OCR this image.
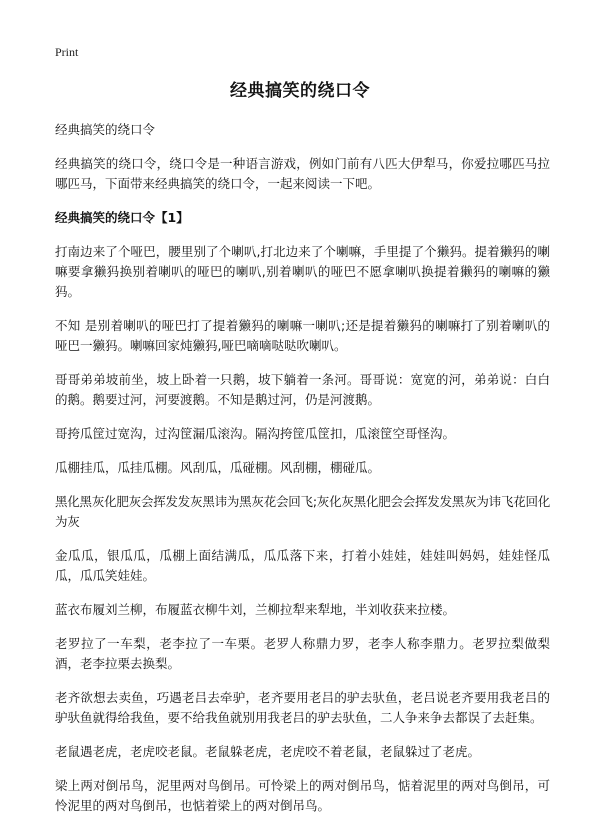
Print
经典搞笑的绕口令

经典搞笑的绕口令

经典搞笑的绕口令，绕口令是一种语言游戏，例如门前有八匹大伊犁马，你爱拉哪匹马拉哪匹马，下面带来经典搞笑的绕口令，一起来阅读一下吧。

经典搞笑的绕口令【1】

打南边来了个哑巴，腰里别了个喇叭,打北边来了个喇嘛，手里提了个獭犸。提着獭犸的喇嘛要拿獭犸换别着喇叭的哑巴的喇叭,别着喇叭的哑巴不愿拿喇叭换提着獭犸的喇嘛的獭犸。

不知 是别着喇叭的哑巴打了提着獭犸的喇嘛一喇叭;还是提着獭犸的喇嘛打了别着喇叭的哑巴一獭犸。喇嘛回家炖獭犸,哑巴嘀嘀哒哒吹喇叭。

哥哥弟弟坡前坐，坡上卧着一只鹅，坡下躺着一条河。哥哥说：宽宽的河，弟弟说：白白的鹅。鹅要过河，河要渡鹅。不知是鹅过河，仍是河渡鹅。

哥挎瓜筐过宽沟，过沟筐漏瓜滚沟。隔沟挎筐瓜筐扣，瓜滚筐空哥怪沟。

瓜棚挂瓜，瓜挂瓜棚。风刮瓜，瓜碰棚。风刮棚，棚碰瓜。

黑化黑灰化肥灰会挥发发灰黑讳为黑灰花会回飞;灰化灰黑化肥会会挥发发黑灰为讳飞花回化为灰

金瓜瓜，银瓜瓜，瓜棚上面结满瓜，瓜瓜落下来，打着小娃娃，娃娃叫妈妈，娃娃怪瓜瓜，瓜瓜笑娃娃。

蓝衣布履刘兰柳，布履蓝衣柳牛刘，兰柳拉犁来犁地，半刘收获来拉楼。

老罗拉了一车梨，老李拉了一车栗。老罗人称鼎力罗，老李人称李鼎力。老罗拉梨做梨酒，老李拉栗去换梨。

老齐欲想去卖鱼，巧遇老吕去牵驴，老齐要用老吕的驴去驮鱼，老吕说老齐要用我老吕的驴驮鱼就得给我鱼，要不给我鱼就别用我老吕的驴去驮鱼，二人争来争去都误了去赶集。

老鼠遇老虎，老虎咬老鼠。老鼠躲老虎，老虎咬不着老鼠，老鼠躲过了老虎。

梁上两对倒吊鸟，泥里两对鸟倒吊。可怜梁上的两对倒吊鸟，惦着泥里的两对鸟倒吊，可怜泥里的两对鸟倒吊，也惦着梁上的两对倒吊鸟。
